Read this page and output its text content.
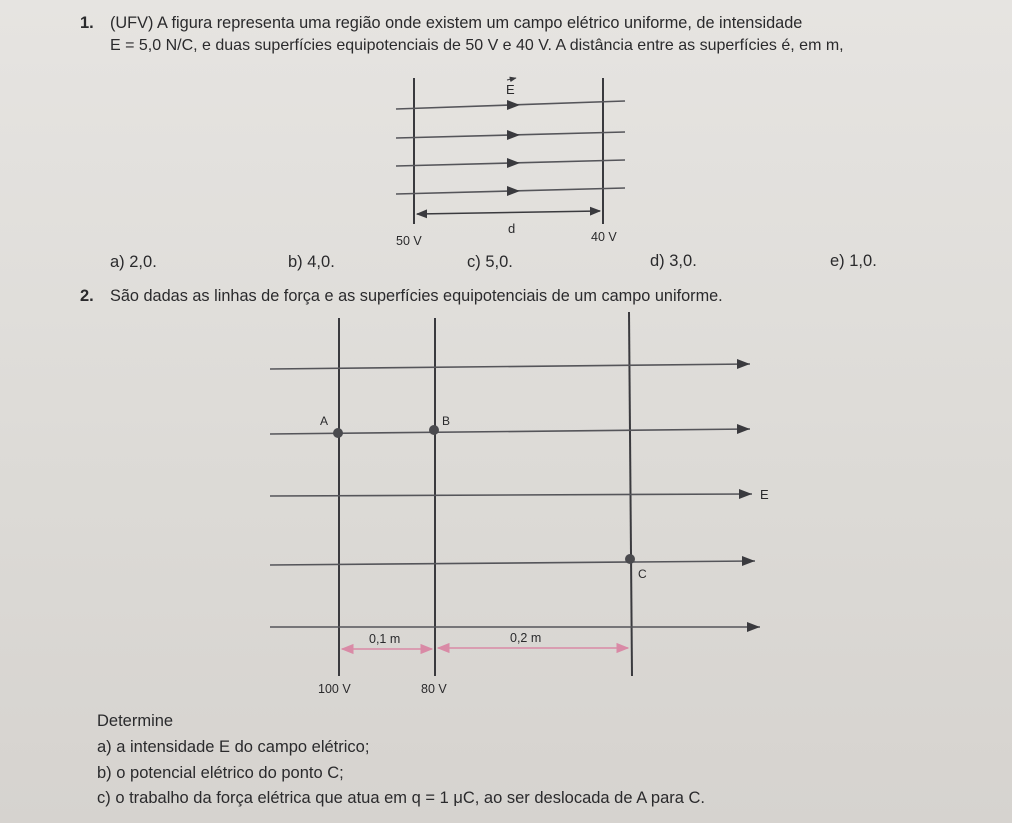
1. (UFV) A figura representa uma região onde existem um campo elétrico uniforme, de intensidade
E = 5,0 N/C, e duas superfícies equipotenciais de 50 V e 40 V. A distância entre as superfícies é, em m,
E
d
50 V	40 V
a) 2,0.	b) 4,0.	c) 5,0.	d) 3,0.	e) 1,0.
2. São dadas as linhas de força e as superfícies equipotenciais de um campo uniforme.
E
A	B
C
0,1 m	0,2 m
100 V	80 V
Determine
a) a intensidade E do campo elétrico;
b) o potencial elétrico do ponto C;
c) o trabalho da força elétrica que atua em q = 1 μC, ao ser deslocada de A para C.
